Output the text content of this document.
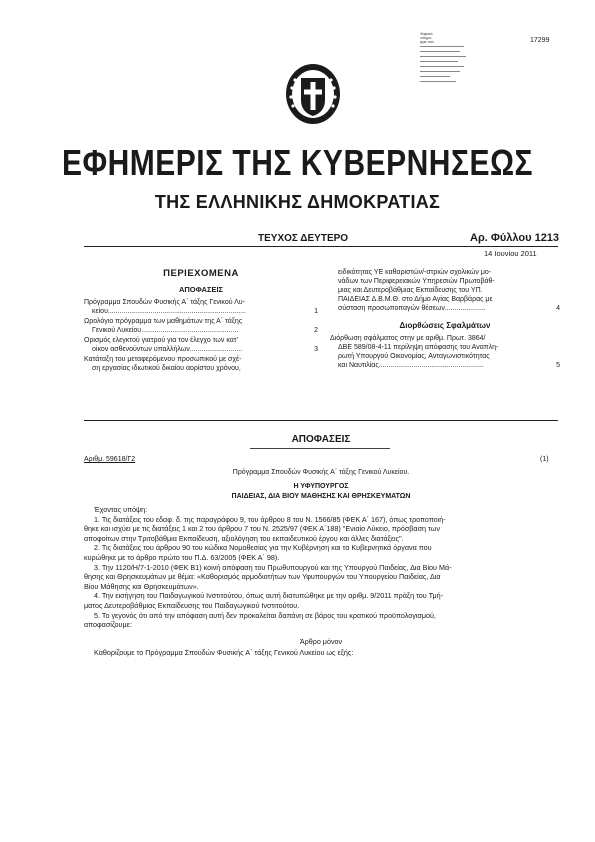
Ψηφιακά
υπογρα-
φηκε από	17299
ΕΦΗΜΕΡΙΣ ΤΗΣ ΚΥΒΕΡΝΗΣΕΩΣ
ΤΗΣ ΕΛΛΗΝΙΚΗΣ ΔΗΜΟΚΡΑΤΙΑΣ
ΤΕΥΧΟΣ ΔΕΥΤΕΡΟ	Αρ. Φύλλου 1213
14 Ιουνίου 2011
ΠΕΡΙΕΧΟΜΕΝΑ
ΑΠΟΦΑΣΕΙΣ
Πρόγραμμα Σπουδών Φυσικής Α΄ τάξης Γενικού Λυ-
κείου.......................................................................	1
Ωρολόγιο πρόγραμμα των μαθημάτων της Α΄ τάξης
Γενικού Λυκείου..................................................	2
Ορισμός ελεγκτού γιατρού για τον έλεγχο των κατ’
οίκον ασθενούντων υπαλλήλων...........................	3
Κατάταξη του μεταφερόμενου προσωπικού με σχέ-
ση εργασίας ιδιωτικού δικαίου αορίστου χρόνου,
ειδικότητας ΥΕ καθαριστών/-στριών σχολικών μο-
νάδων των Περιφερειακών Υπηρεσιών Πρωτοβάθ-
μιας και Δευτεροβάθμιας Εκπαίδευσης του ΥΠ.
ΠΑΙΔΕΙΑΣ Δ.Β.Μ.Θ. στο Δήμο Αγίας Βαρβάρας με
σύσταση προσωποπαγών θέσεων.....................	4
Διορθώσεις Σφαλμάτων
Διόρθωση σφάλματος στην με αριθμ. Πρωτ. 3864/
ΔΒΕ 589/08-4-11 περίληψη απόφασης του Αναπλη-
ρωτή Υπουργού Οικονομίας, Ανταγωνιστικότητας
και Ναυτιλίας......................................................	5
ΑΠΟΦΑΣΕΙΣ
Αριθμ. 59618/Γ2	(1)
Πρόγραμμα Σπουδών Φυσικής Α΄ τάξης Γενικού Λυκείου.
Η ΥΦΥΠΟΥΡΓΟΣ
ΠΑΙΔΕΙΑΣ, ΔΙΑ ΒΙΟΥ ΜΑΘΗΣΗΣ ΚΑΙ ΘΡΗΣΚΕΥΜΑΤΩΝ

Έχοντας υπόψη:

1. Τις διατάξεις του εδαφ. δ. της παραγράφου 9, του άρθρου 8 του Ν. 1566/85 (ΦΕΚ Α΄ 167), όπως τροποποιή-

θηκε και ισχύει με τις διατάξεις 1 και 2 του άρθρου 7 του Ν. 2525/97 (ΦΕΚ Α΄188) "Ενιαίο Λύκειο, πρόσβαση των

αποφοίτων στην Τριτοβάθμια Εκπαίδευση, αξιολόγηση του εκπαιδευτικού έργου και άλλες διατάξεις".

2. Τις διατάξεις του άρθρου 90 του κώδικα Νομοθεσίας για την Κυβέρνηση και τα Κυβερνητικά όργανα που

κυρώθηκε με το άρθρο πρώτο του Π.Δ. 63/2005 (ΦΕΚ Α΄ 98).

3. Την 1120/Η/7-1-2010 (ΦΕΚ Β1) κοινή απόφαση του Πρωθυπουργού και της Υπουργού Παιδείας, Δια Βίου Μά-

θησης και Θρησκευμάτων με θέμα: «Καθορισμός αρμοδιοτήτων των Υφυπουργών του Υπουργείου Παιδείας, Δια

Βίου Μάθησης και Θρησκευμάτων».

4. Την εισήγηση του Παιδαγωγικού Ινστιτούτου, όπως αυτή διατυπώθηκε με την αριθμ. 9/2011 πράξη του Τμή-

ματος Δευτεροβάθμιας Εκπαίδευσης του Παιδαγωγικού Ινστιτούτου.

5. Το γεγονός ότι από την απόφαση αυτή δεν προκαλείται δαπάνη σε βάρος του κρατικού προϋπολογισμού,

αποφασίζουμε:

Άρθρο μόνον

Καθορίζουμε το Πρόγραμμα Σπουδών Φυσικής Α΄ τάξης Γενικού Λυκείου ως εξής:
